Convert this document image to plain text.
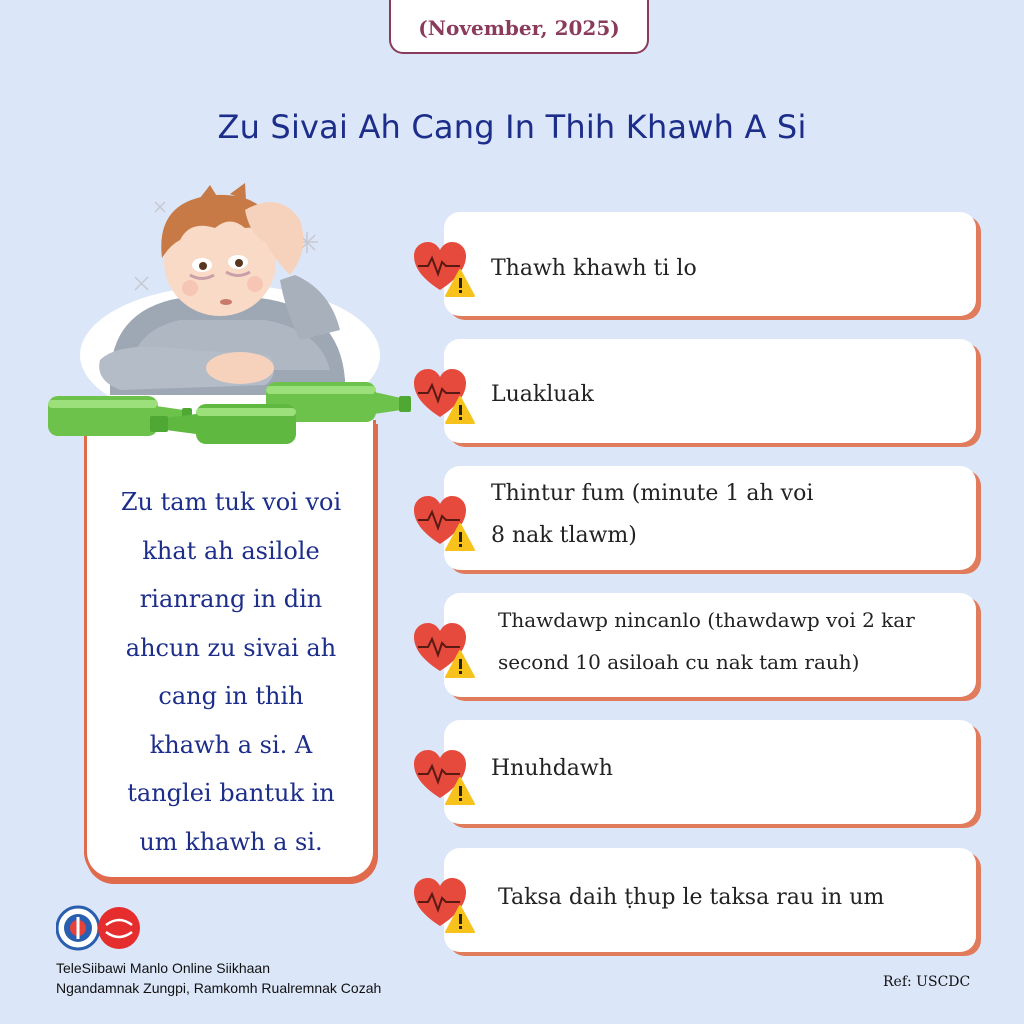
(November, 2025)
Zu Sivai Ah Cang In Thih Khawh A Si
Zu tam tuk voi voi
khat ah asilole
rianrang in din
ahcun zu sivai ah
cang in thih
khawh a si. A
tanglei bantuk in
um khawh a si.
Thawh khawh ti lo
Luakluak
Thintur fum (minute 1 ah voi
8 nak tlawm)
Thawdawp nincanlo (thawdawp voi 2 kar
second 10 asiloah cu nak tam rauh)
Hnuhdawh
Taksa daih ṭhup le taksa rau in um
TeleSiibawi Manlo Online Siikhaan
Ngandamnak Zungpi, Ramkomh Rualremnak Cozah	Ref: USCDC
